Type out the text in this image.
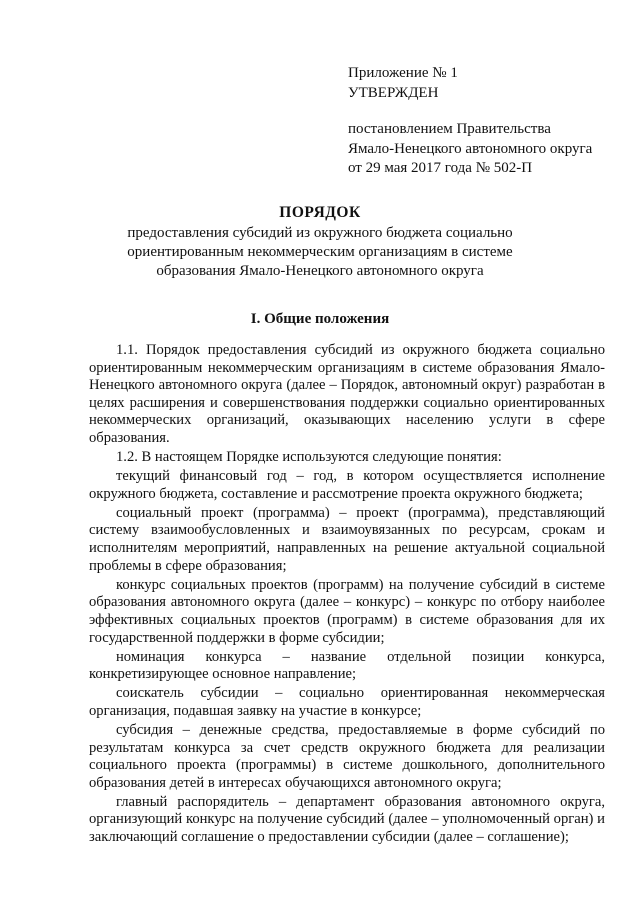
Приложение № 1
УТВЕРЖДЕН
постановлением Правительства
Ямало-Ненецкого автономного округа
от 29 мая 2017 года № 502-П
ПОРЯДОК
предоставления субсидий из окружного бюджета социально
ориентированным некоммерческим организациям в системе
образования Ямало-Ненецкого автономного округа
I. Общие положения

1.1. Порядок предоставления субсидий из окружного бюджета социально ориентированным некоммерческим организациям в системе образования Ямало-Ненецкого автономного округа (далее – Порядок, автономный округ) разработан в целях расширения и совершенствования поддержки социально ориентированных некоммерческих организаций, оказывающих населению услуги в сфере образования.

1.2. В настоящем Порядке используются следующие понятия:

текущий финансовый год – год, в котором осуществляется исполнение окружного бюджета, составление и рассмотрение проекта окружного бюджета;

социальный проект (программа) – проект (программа), представляющий систему взаимообусловленных и взаимоувязанных по ресурсам, срокам и исполнителям мероприятий, направленных на решение актуальной социальной проблемы в сфере образования;

конкурс социальных проектов (программ) на получение субсидий в системе образования автономного округа (далее – конкурс) – конкурс по отбору наиболее эффективных социальных проектов (программ) в системе образования для их государственной поддержки в форме субсидии;

номинация конкурса – название отдельной позиции конкурса, конкретизирующее основное направление;

соискатель субсидии – социально ориентированная некоммерческая организация, подавшая заявку на участие в конкурсе;

субсидия – денежные средства, предоставляемые в форме субсидий по результатам конкурса за счет средств окружного бюджета для реализации социального проекта (программы) в системе дошкольного, дополнительного образования детей в интересах обучающихся автономного округа;

главный распорядитель – департамент образования автономного округа, организующий конкурс на получение субсидий (далее – уполномоченный орган) и заключающий соглашение о предоставлении субсидии (далее – соглашение);
